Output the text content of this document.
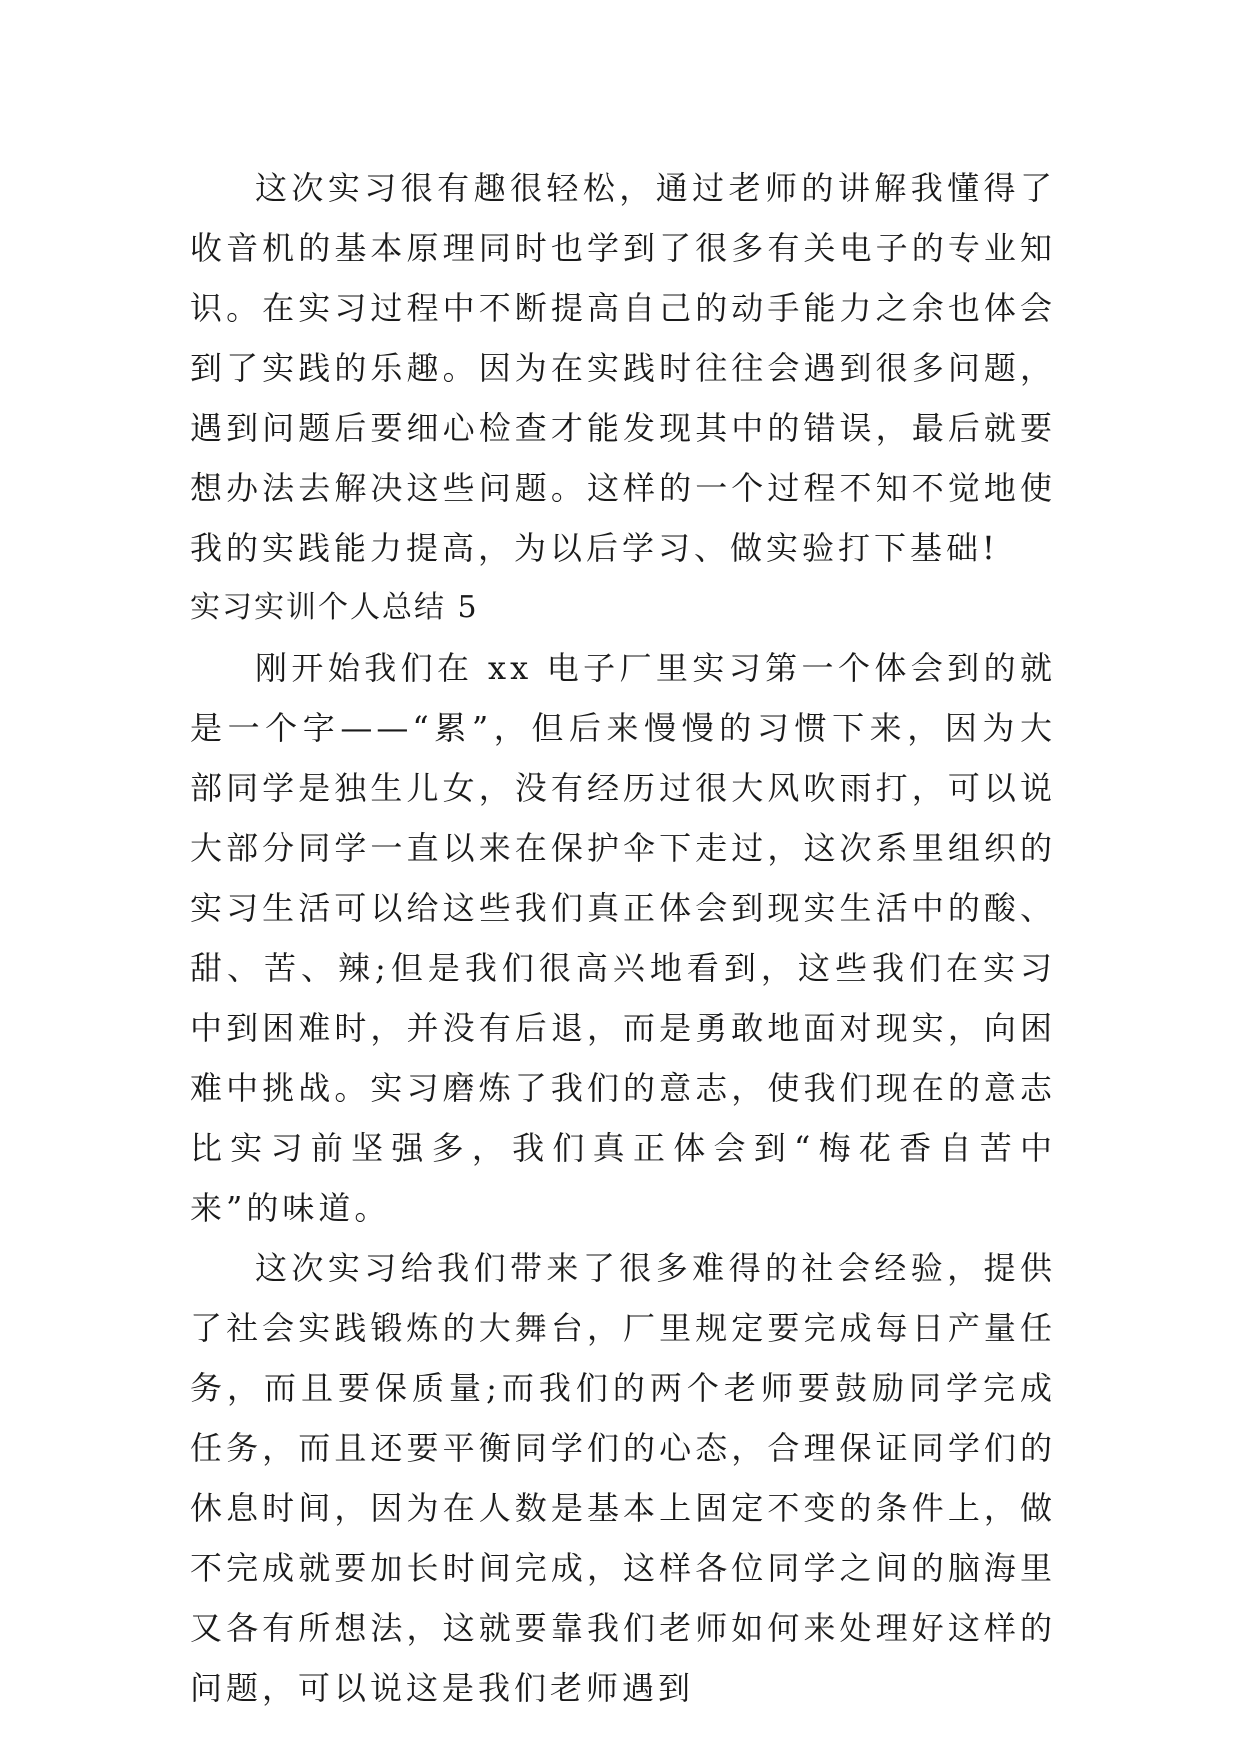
这次实习很有趣很轻松，通过老师的讲解我懂得了收音机的基本原理同时也学到了很多有关电子的专业知识。在实习过程中不断提高自己的动手能力之余也体会到了实践的乐趣。因为在实践时往往会遇到很多问题，遇到问题后要细心检查才能发现其中的错误，最后就要想办法去解决这些问题。这样的一个过程不知不觉地使我的实践能力提高，为以后学习、做实验打下基础!

实习实训个人总结 5

刚开始我们在 xx 电子厂里实习第一个体会到的就是一个字——“累”，但后来慢慢的习惯下来，因为大部同学是独生儿女，没有经历过很大风吹雨打，可以说大部分同学一直以来在保护伞下走过，这次系里组织的实习生活可以给这些我们真正体会到现实生活中的酸、甜、苦、辣;但是我们很高兴地看到，这些我们在实习中到困难时，并没有后退，而是勇敢地面对现实，向困难中挑战。实习磨炼了我们的意志，使我们现在的意志比实习前坚强多，我们真正体会到“梅花香自苦中来”的味道。

这次实习给我们带来了很多难得的社会经验，提供了社会实践锻炼的大舞台，厂里规定要完成每日产量任务，而且要保质量;而我们的两个老师要鼓励同学完成任务，而且还要平衡同学们的心态，合理保证同学们的休息时间，因为在人数是基本上固定不变的条件上，做不完成就要加长时间完成，这样各位同学之间的脑海里又各有所想法，这就要靠我们老师如何来处理好这样的问题，可以说这是我们老师遇到
